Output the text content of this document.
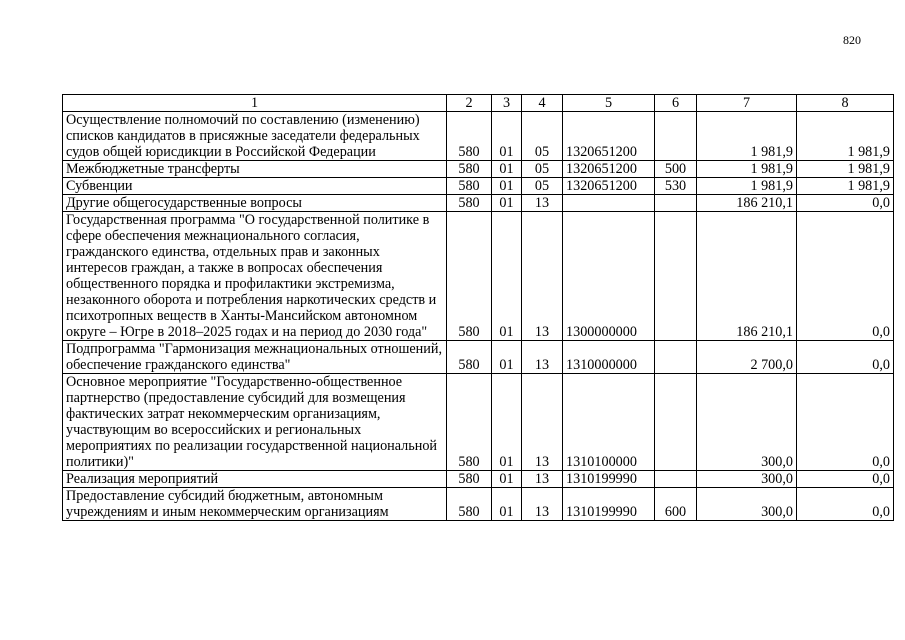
820
1	2	3	4	5	6	7	8
Осуществление полномочий по составлению (изменению) списков кандидатов в присяжные заседатели федеральных судов общей юрисдикции в Российской Федерации	580	01	05	1320651200		1 981,9	1 981,9
Межбюджетные трансферты	580	01	05	1320651200	500	1 981,9	1 981,9
Субвенции	580	01	05	1320651200	530	1 981,9	1 981,9
Другие общегосударственные вопросы	580	01	13			186 210,1	0,0
Государственная программа "О государственной политике в сфере обеспечения межнационального согласия, гражданского единства, отдельных прав и законных интересов граждан, а также в вопросах обеспечения общественного порядка и профилактики экстремизма, незаконного оборота и потребления наркотических средств и психотропных веществ в Ханты-Мансийском автономном округе – Югре в 2018–2025 годах и на период до 2030 года"	580	01	13	1300000000		186 210,1	0,0
Подпрограмма "Гармонизация межнациональных отношений, обеспечение гражданского единства"	580	01	13	1310000000		2 700,0	0,0
Основное мероприятие "Государственно-общественное партнерство (предоставление субсидий для возмещения фактических затрат некоммерческим организациям, участвующим во всероссийских и региональных мероприятиях по реализации государственной национальной политики)"	580	01	13	1310100000		300,0	0,0
Реализация мероприятий	580	01	13	1310199990		300,0	0,0
Предоставление субсидий бюджетным, автономным учреждениям и иным некоммерческим организациям	580	01	13	1310199990	600	300,0	0,0
